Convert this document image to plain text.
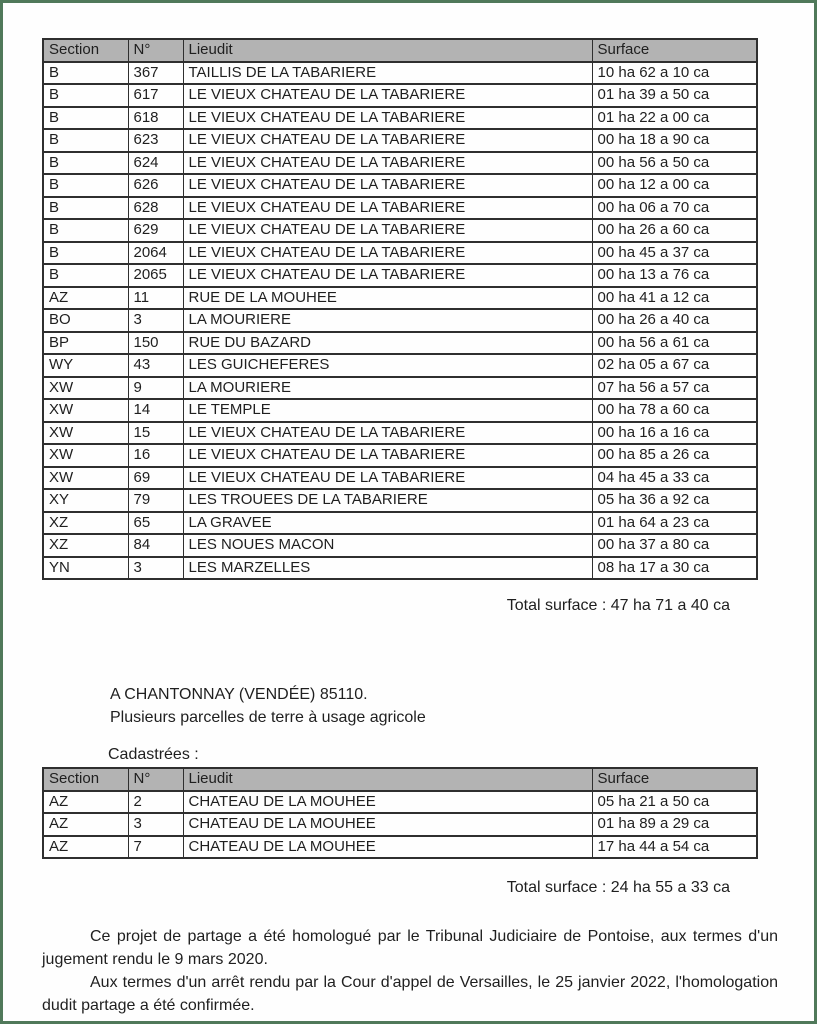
Section	N°	Lieudit	Surface
B	367	TAILLIS DE LA TABARIERE	10 ha 62 a 10 ca
B	617	LE VIEUX CHATEAU DE LA TABARIERE	01 ha 39 a 50 ca
B	618	LE VIEUX CHATEAU DE LA TABARIERE	01 ha 22 a 00 ca
B	623	LE VIEUX CHATEAU DE LA TABARIERE	00 ha 18 a 90 ca
B	624	LE VIEUX CHATEAU DE LA TABARIERE	00 ha 56 a 50 ca
B	626	LE VIEUX CHATEAU DE LA TABARIERE	00 ha 12 a 00 ca
B	628	LE VIEUX CHATEAU DE LA TABARIERE	00 ha 06 a 70 ca
B	629	LE VIEUX CHATEAU DE LA TABARIERE	00 ha 26 a 60 ca
B	2064	LE VIEUX CHATEAU DE LA TABARIERE	00 ha 45 a 37 ca
B	2065	LE VIEUX CHATEAU DE LA TABARIERE	00 ha 13 a 76 ca
AZ	11	RUE DE LA MOUHEE	00 ha 41 a 12 ca
BO	3	LA MOURIERE	00 ha 26 a 40 ca
BP	150	RUE DU BAZARD	00 ha 56 a 61 ca
WY	43	LES GUICHEFERES	02 ha 05 a 67 ca
XW	9	LA MOURIERE	07 ha 56 a 57 ca
XW	14	LE TEMPLE	00 ha 78 a 60 ca
XW	15	LE VIEUX CHATEAU DE LA TABARIERE	00 ha 16 a 16 ca
XW	16	LE VIEUX CHATEAU DE LA TABARIERE	00 ha 85 a 26 ca
XW	69	LE VIEUX CHATEAU DE LA TABARIERE	04 ha 45 a 33 ca
XY	79	LES TROUEES DE LA TABARIERE	05 ha 36 a 92 ca
XZ	65	LA GRAVEE	01 ha 64 a 23 ca
XZ	84	LES NOUES MACON	00 ha 37 a 80 ca
YN	3	LES MARZELLES	08 ha 17 a 30 ca
Total surface : 47 ha 71 a 40 ca
A CHANTONNAY (VENDÉE) 85110.
Plusieurs parcelles de terre à usage agricole
Cadastrées :
Section	N°	Lieudit	Surface
AZ	2	CHATEAU DE LA MOUHEE	05 ha 21 a 50 ca
AZ	3	CHATEAU DE LA MOUHEE	01 ha 89 a 29 ca
AZ	7	CHATEAU DE LA MOUHEE	17 ha 44 a 54 ca
Total surface : 24 ha 55 a 33 ca

Ce projet de partage a été homologué par le Tribunal Judiciaire de Pontoise, aux termes d'un jugement rendu le 9 mars 2020.

Aux termes d'un arrêt rendu par la Cour d'appel de Versailles, le 25 janvier 2022, l'homologation dudit partage a été confirmée.
